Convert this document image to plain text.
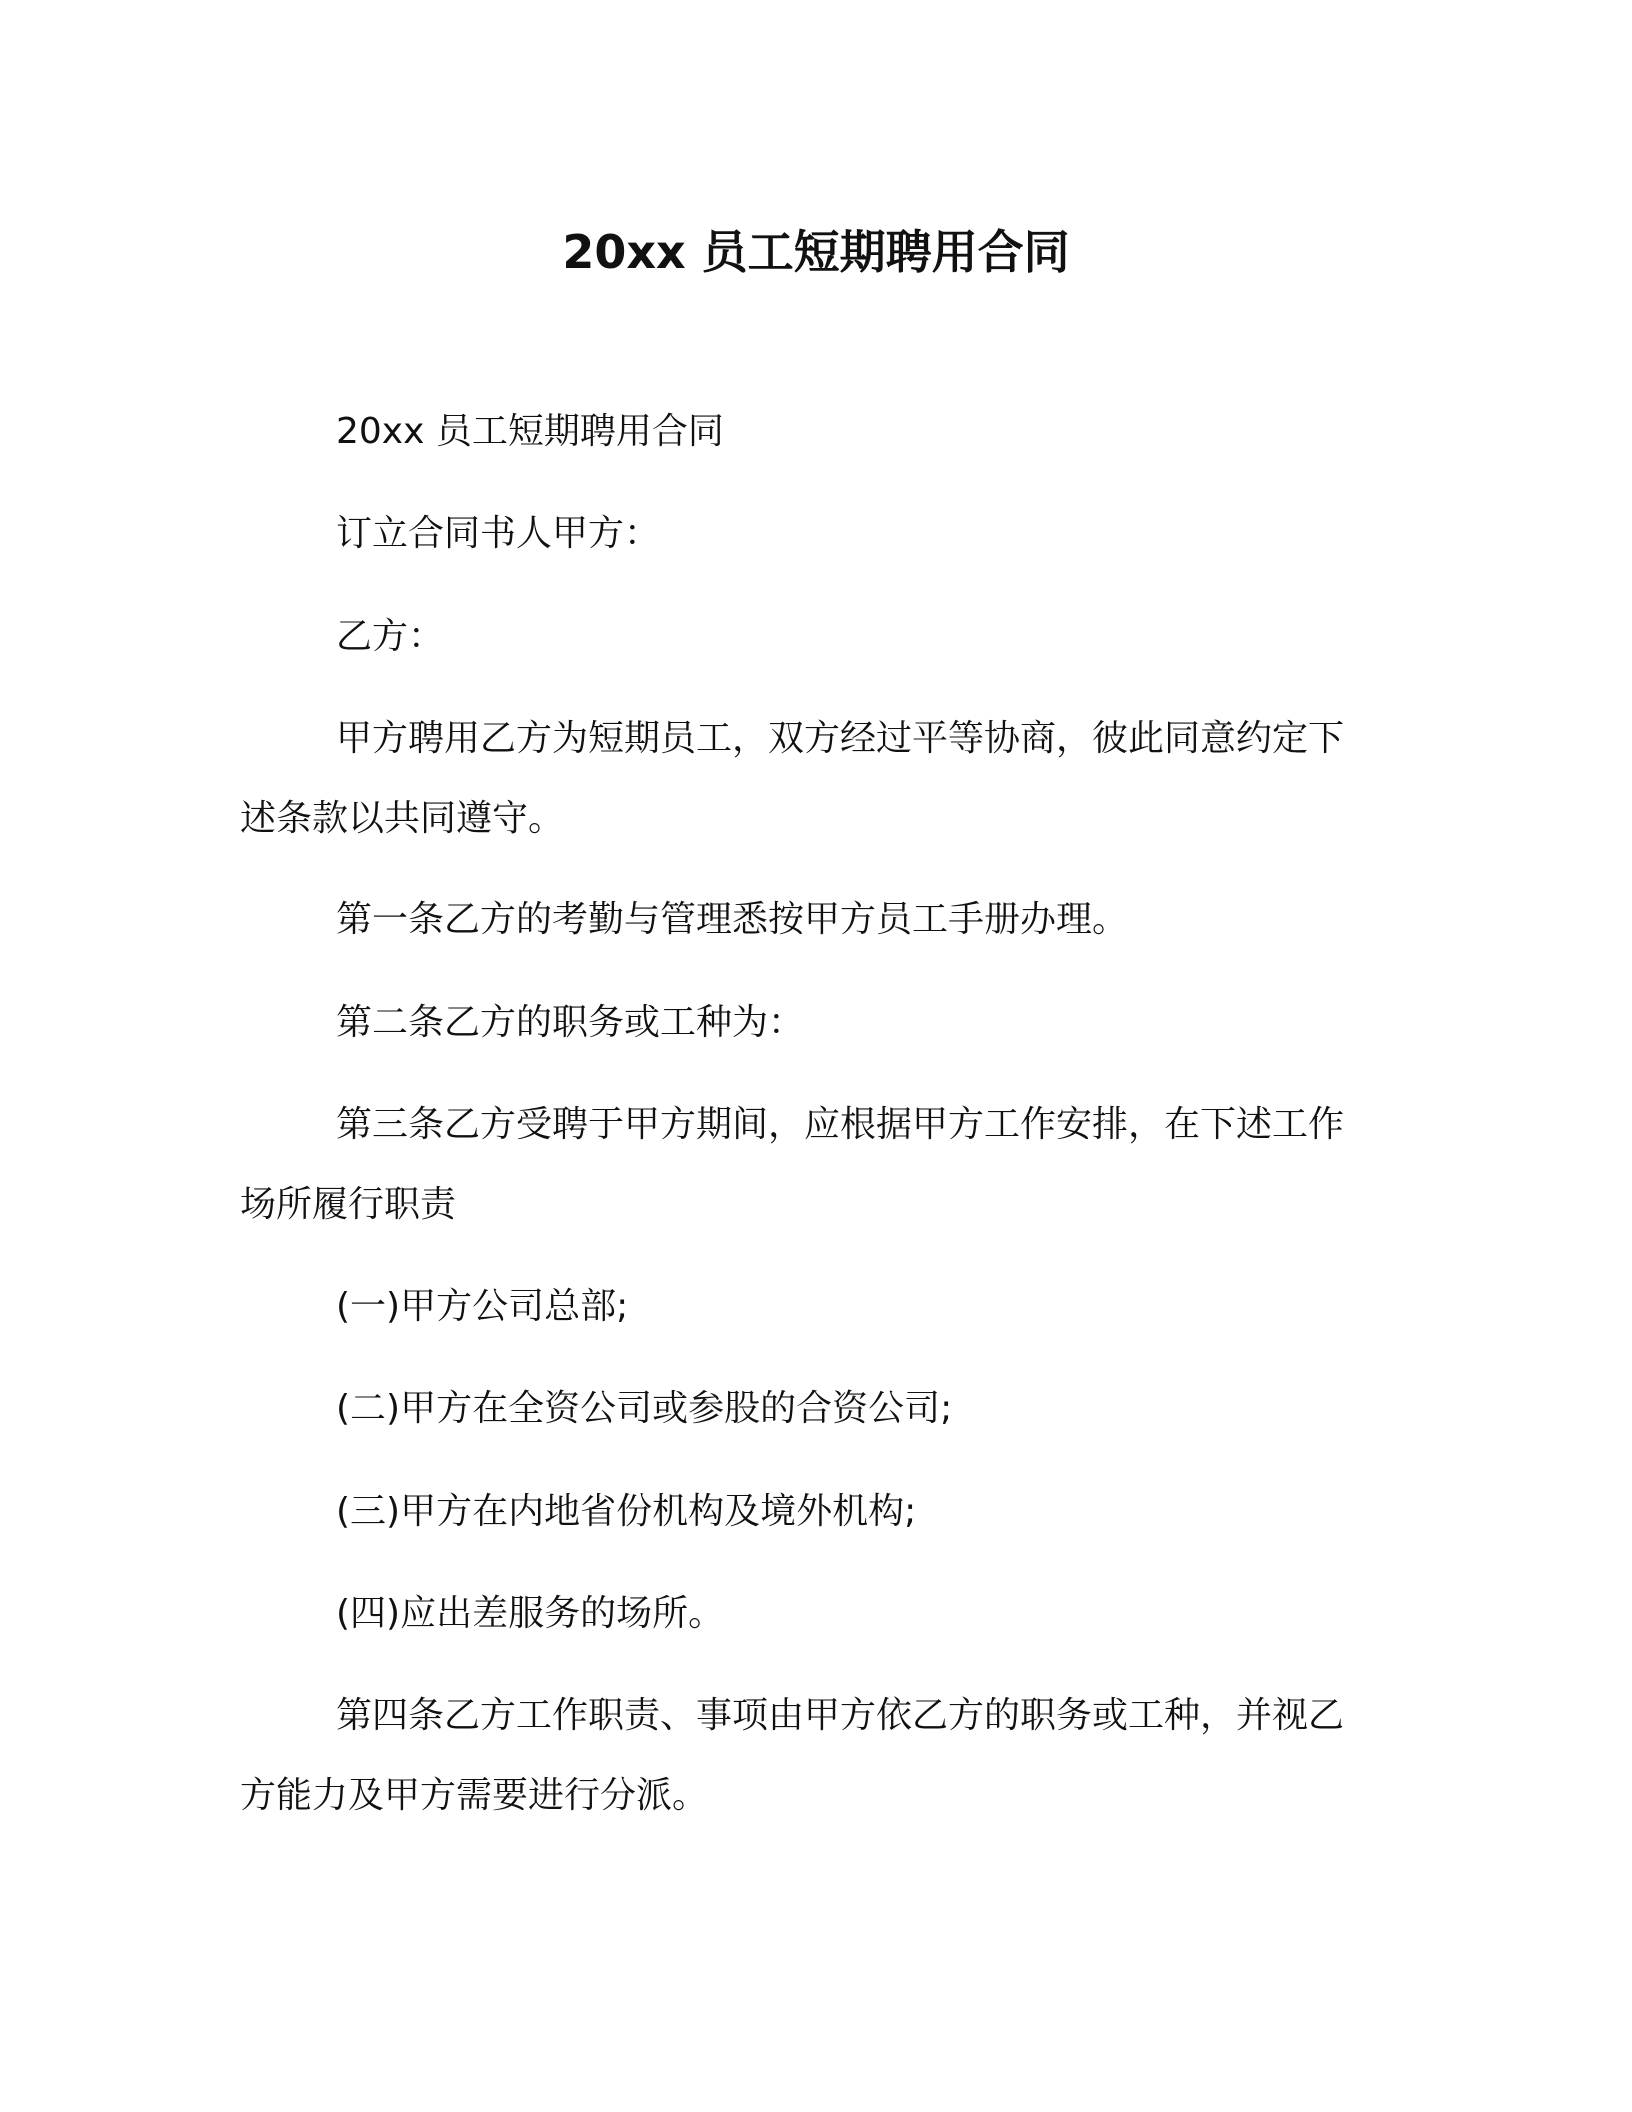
20xx 员工短期聘用合同

20xx 员工短期聘用合同

订立合同书人甲方：

乙方：

甲方聘用乙方为短期员工，双方经过平等协商，彼此同意约定下述条款以共同遵守。

第一条乙方的考勤与管理悉按甲方员工手册办理。

第二条乙方的职务或工种为：

第三条乙方受聘于甲方期间，应根据甲方工作安排，在下述工作场所履行职责

(一)甲方公司总部;

(二)甲方在全资公司或参股的合资公司;

(三)甲方在内地省份机构及境外机构;

(四)应出差服务的场所。

第四条乙方工作职责、事项由甲方依乙方的职务或工种，并视乙方能力及甲方需要进行分派。
